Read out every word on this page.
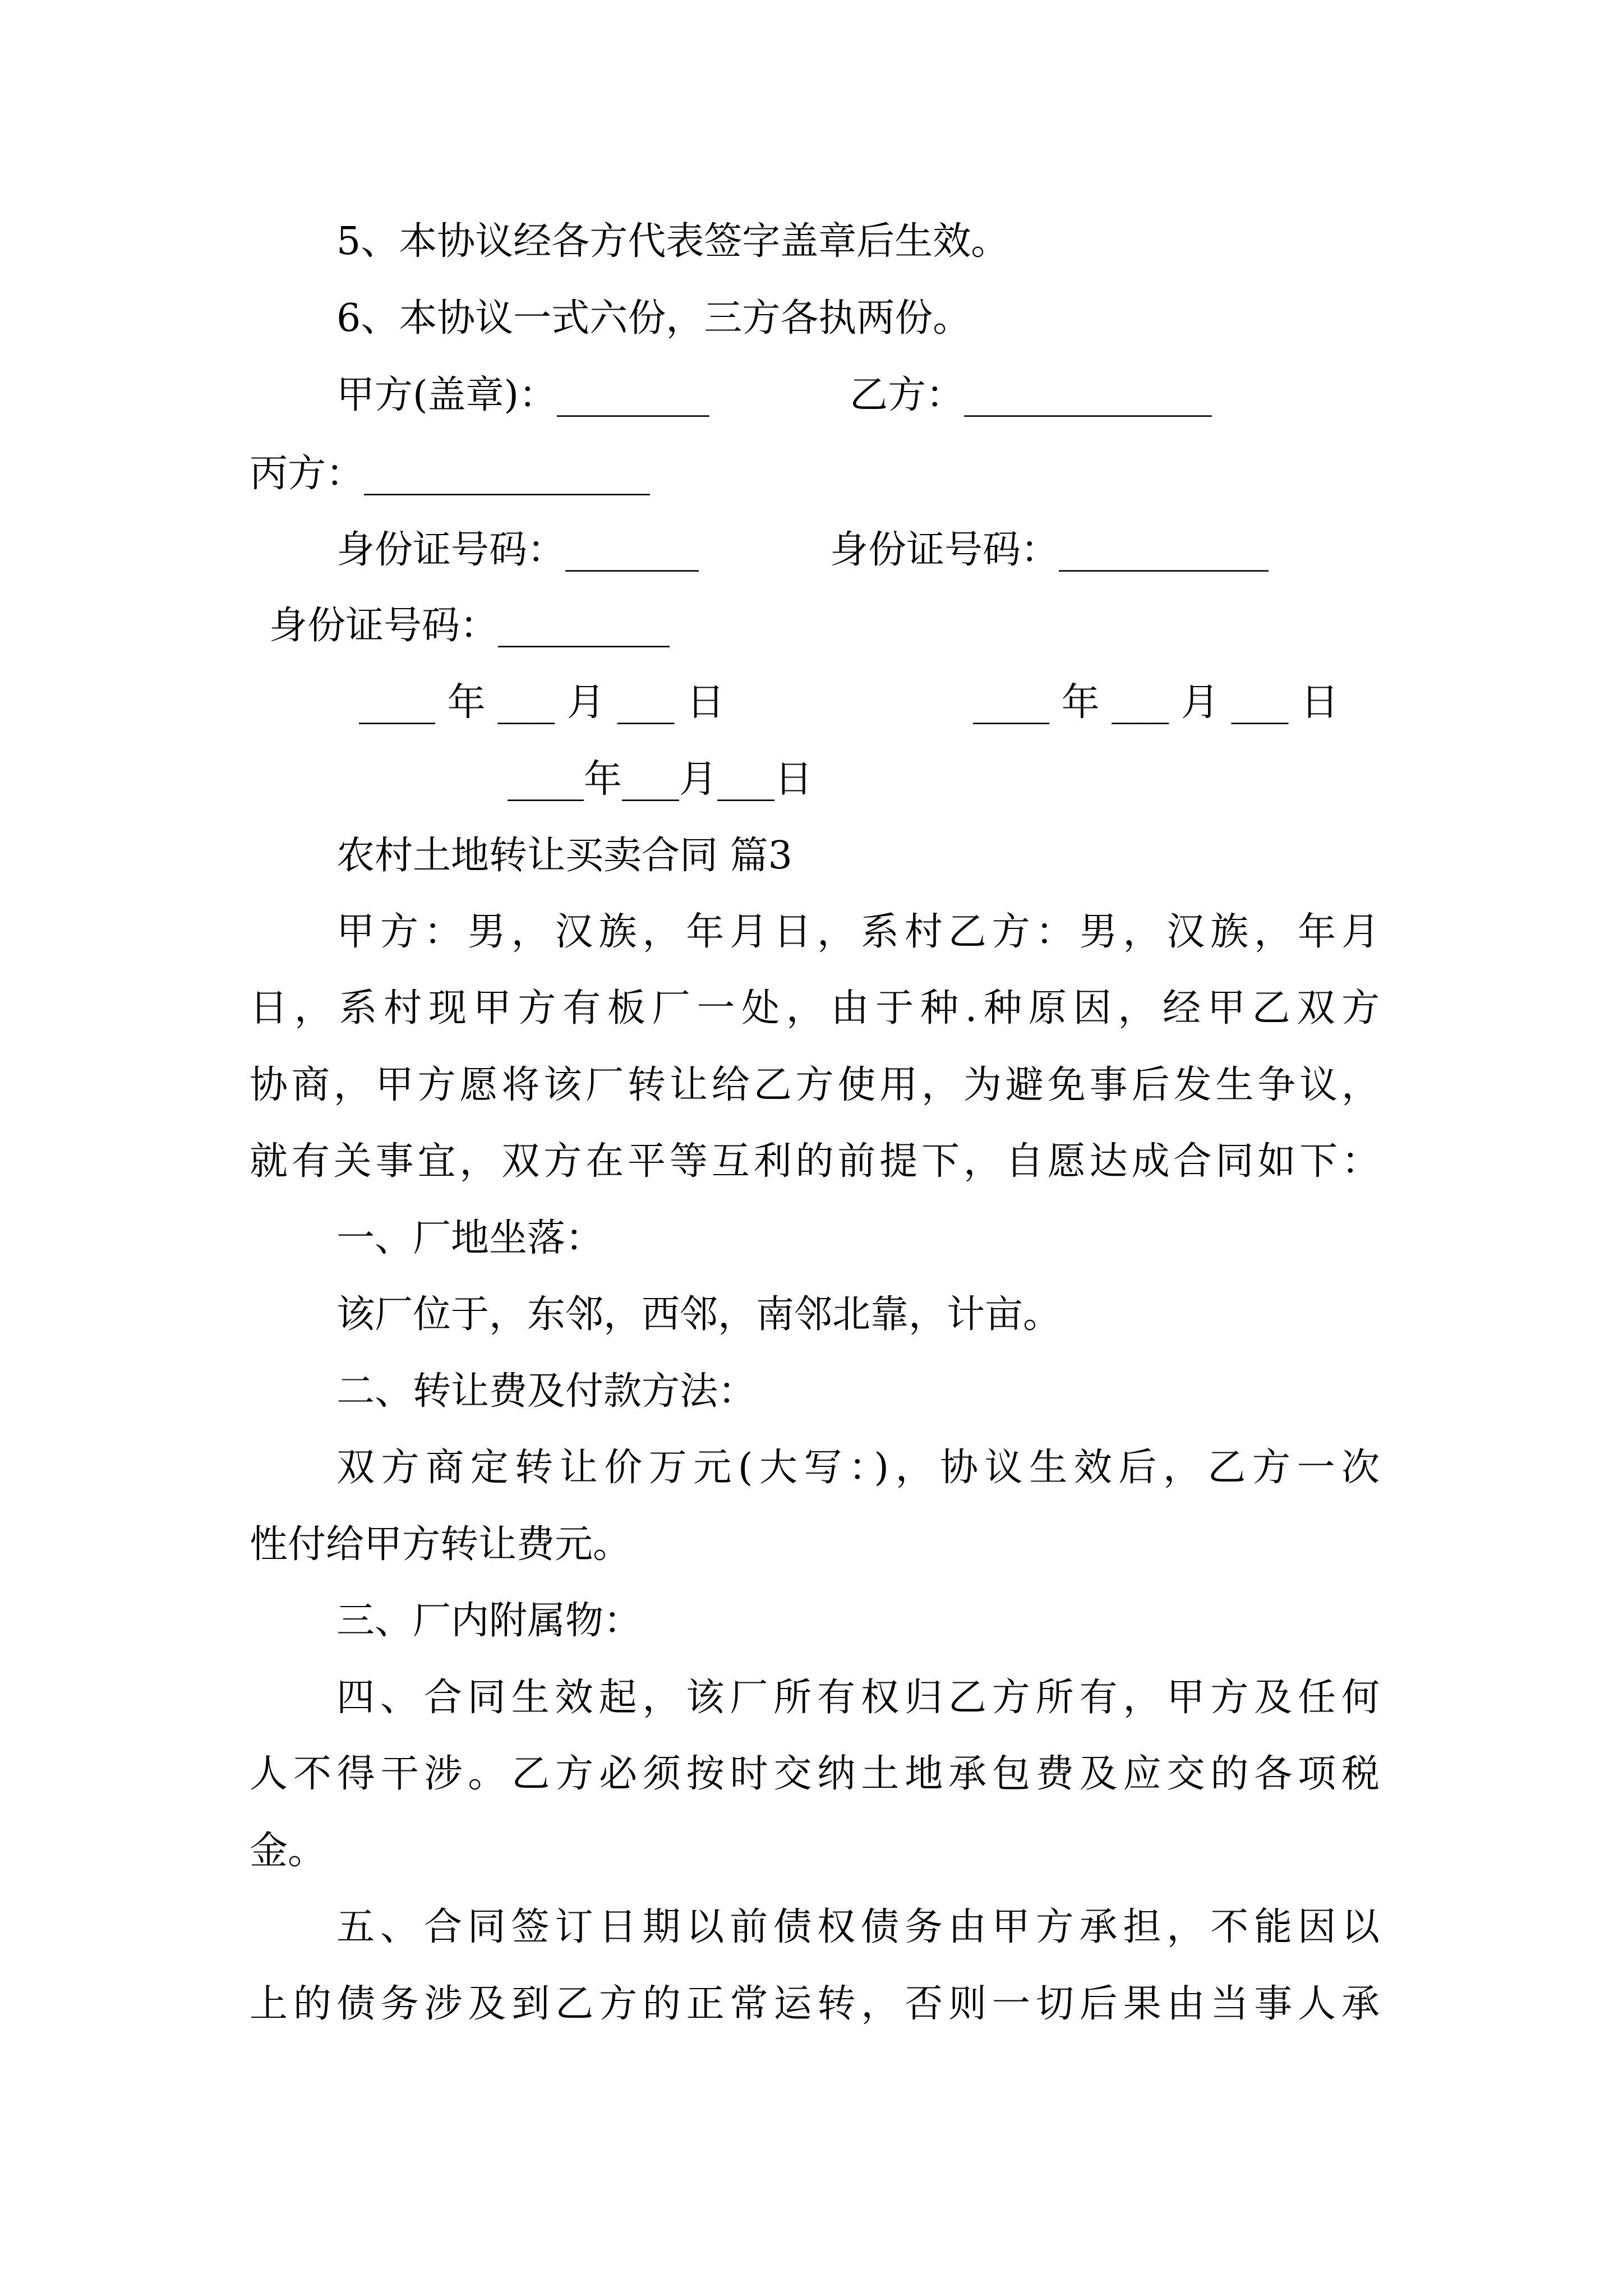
5、本协议经各方代表签字盖章后生效。
6、本协议一式六份，三方各执两份。
甲方(盖章)：________	乙方：_____________
丙方：_______________
身份证号码：_______	身份证号码：___________
身份证号码：_________
____ 年 ___ 月 ___ 日	____ 年 ___ 月 ___ 日
____年___月___日
农村土地转让买卖合同 篇3
甲方：男，汉族，年月日，系村乙方：男，汉族，年月
日，系村现甲方有板厂一处，由于种.种原因，经甲乙双方
协商，甲方愿将该厂转让给乙方使用，为避免事后发生争议，
就有关事宜，双方在平等互利的前提下，自愿达成合同如下：
一、厂地坐落：
该厂位于，东邻，西邻，南邻北靠，计亩。
二、转让费及付款方法：
双方商定转让价万元(大写：)，协议生效后，乙方一次
性付给甲方转让费元。
三、厂内附属物：
四、合同生效起，该厂所有权归乙方所有，甲方及任何
人不得干涉。乙方必须按时交纳土地承包费及应交的各项税
金。
五、合同签订日期以前债权债务由甲方承担，不能因以
上的债务涉及到乙方的正常运转，否则一切后果由当事人承
